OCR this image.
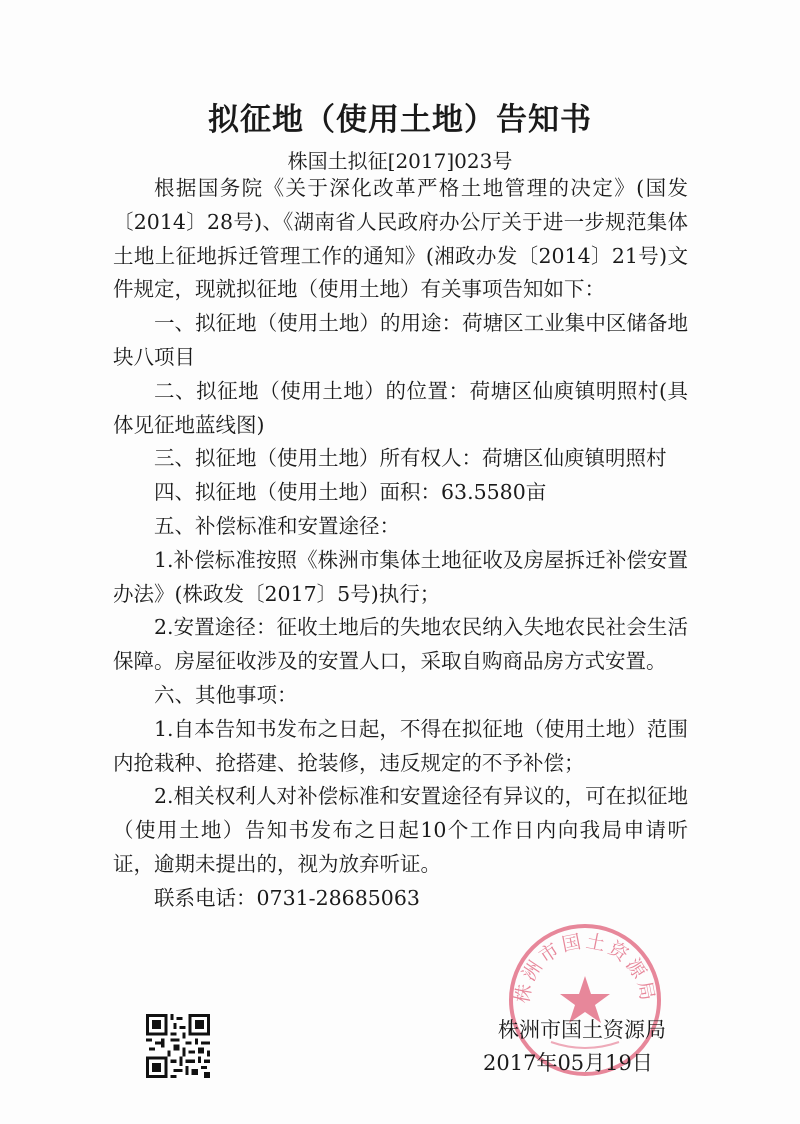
拟征地（使用土地）告知书
株国土拟征[2017]023号

根据国务院《关于深化改革严格土地管理的决定》(国发〔2014〕28号)、《湖南省人民政府办公厅关于进一步规范集体土地上征地拆迁管理工作的通知》(湘政办发〔2014〕21号)文件规定，现就拟征地（使用土地）有关事项告知如下：

一、拟征地（使用土地）的用途：荷塘区工业集中区储备地块八项目

二、拟征地（使用土地）的位置：荷塘区仙庾镇明照村(具体见征地蓝线图)

三、拟征地（使用土地）所有权人：荷塘区仙庾镇明照村

四、拟征地（使用土地）面积：63.5580亩

五、补偿标准和安置途径：

1.补偿标准按照《株洲市集体土地征收及房屋拆迁补偿安置办法》(株政发〔2017〕5号)执行；

2.安置途径：征收土地后的失地农民纳入失地农民社会生活保障。房屋征收涉及的安置人口，采取自购商品房方式安置。

六、其他事项：

1.自本告知书发布之日起，不得在拟征地（使用土地）范围内抢栽种、抢搭建、抢装修，违反规定的不予补偿；

2.相关权利人对补偿标准和安置途径有异议的，可在拟征地（使用土地）告知书发布之日起10个工作日内向我局申请听证，逾期未提出的，视为放弃听证。

联系电话：0731-28685063

株洲市国土资源局
株洲市国土资源局
2017年05月19日
